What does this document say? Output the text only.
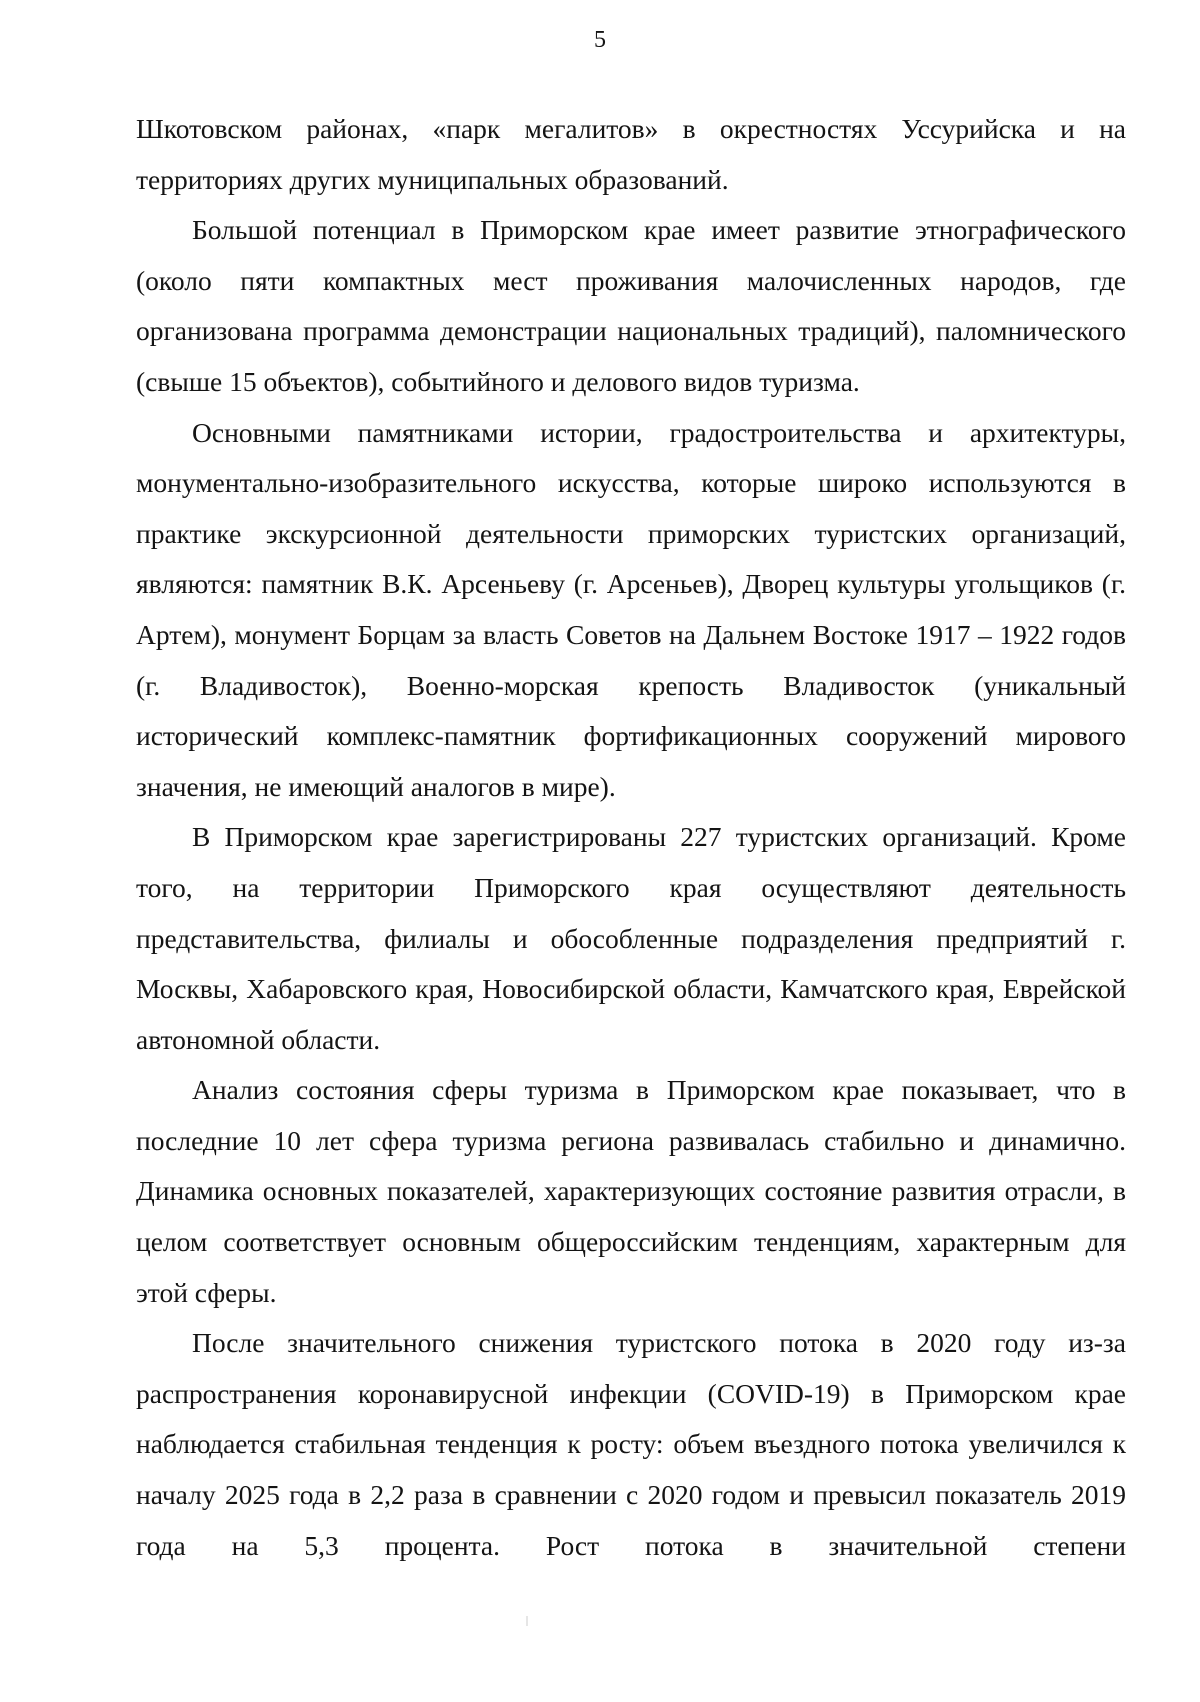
5

Шкотовском районах, «парк мегалитов» в окрестностях Уссурийска и на территориях других муниципальных образований.

Большой потенциал в Приморском крае имеет развитие этнографического (около пяти компактных мест проживания малочисленных народов, где организована программа демонстрации национальных традиций), паломнического (свыше 15 объектов), событийного и делового видов туризма.

Основными памятниками истории, градостроительства и архитектуры, монументально-изобразительного искусства, которые широко используются в практике экскурсионной деятельности приморских туристских организаций, являются: памятник В.К. Арсеньеву (г. Арсеньев), Дворец культуры угольщиков (г. Артем), монумент Борцам за власть Советов на Дальнем Востоке 1917 – 1922 годов (г. Владивосток), Военно-морская крепость Владивосток (уникальный исторический комплекс-памятник фортификационных сооружений мирового значения, не имеющий аналогов в мире).

В Приморском крае зарегистрированы 227 туристских организаций. Кроме того, на территории Приморского края осуществляют деятельность представительства, филиалы и обособленные подразделения предприятий г. Москвы, Хабаровского края, Новосибирской области, Камчатского края, Еврейской автономной области.

Анализ состояния сферы туризма в Приморском крае показывает, что в последние 10 лет сфера туризма региона развивалась стабильно и динамично. Динамика основных показателей, характеризующих состояние развития отрасли, в целом соответствует основным общероссийским тенденциям, характерным для этой сферы.

После значительного снижения туристского потока в 2020 году из-за распространения коронавирусной инфекции (COVID-19) в Приморском крае наблюдается стабильная тенденция к росту: объем въездного потока увеличился к началу 2025 года в 2,2 раза в сравнении с 2020 годом и превысил показатель 2019 года на 5,3 процента. Рост потока в значительной степени
